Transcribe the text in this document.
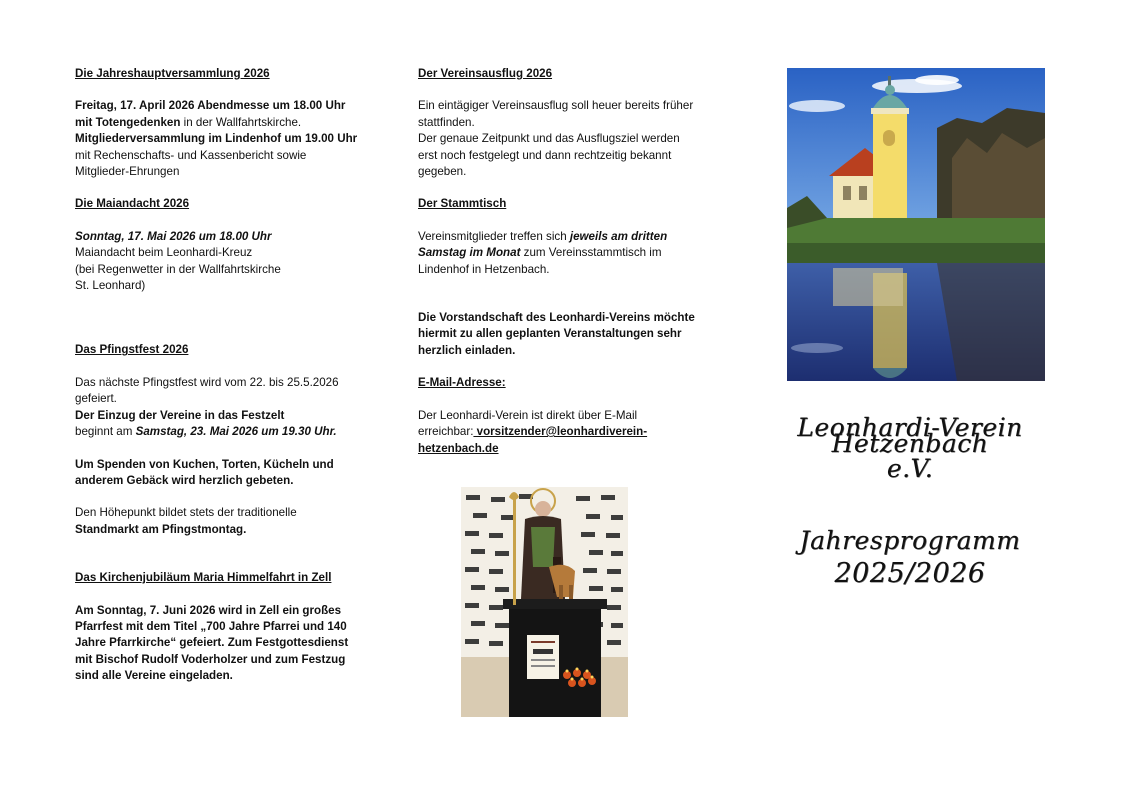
Die Jahreshauptversammlung 2026
Freitag, 17. April 2026 Abendmesse um 18.00 Uhr
mit Totengedenken in der Wallfahrtskirche.
Mitgliederversammlung im Lindenhof um 19.00 Uhr
mit Rechenschafts- und Kassenbericht sowie
Mitglieder-Ehrungen
Die Maiandacht 2026
Sonntag, 17. Mai 2026 um 18.00 Uhr
Maiandacht beim Leonhardi-Kreuz
(bei Regenwetter in der Wallfahrtskirche
St. Leonhard)
Das Pfingstfest 2026
Das nächste Pfingstfest wird vom 22. bis 25.5.2026
gefeiert.
Der Einzug der Vereine in das Festzelt
beginnt am Samstag, 23. Mai 2026 um 19.30 Uhr.
Um Spenden von Kuchen, Torten, Kücheln und
anderem Gebäck wird herzlich gebeten.
Den Höhepunkt bildet stets der traditionelle
Standmarkt am Pfingstmontag.
Das Kirchenjubiläum Maria Himmelfahrt in Zell
Am Sonntag, 7. Juni 2026 wird in Zell ein großes
Pfarrfest mit dem Titel „700 Jahre Pfarrei und 140
Jahre Pfarrkirche“ gefeiert. Zum Festgottesdienst
mit Bischof Rudolf Voderholzer und zum Festzug
sind alle Vereine eingeladen.
Der Vereinsausflug 2026
Ein eintägiger Vereinsausflug soll heuer bereits früher
stattfinden.
Der genaue Zeitpunkt und das Ausflugsziel werden
erst noch festgelegt und dann rechtzeitig bekannt
gegeben.
Der Stammtisch
Vereinsmitglieder treffen sich jeweils am dritten
Samstag im Monat zum Vereinsstammtisch im
Lindenhof in Hetzenbach.
Die Vorstandschaft des Leonhardi-Vereins möchte
hiermit zu allen geplanten Veranstaltungen sehr
herzlich einladen.
E-Mail-Adresse:
Der Leonhardi-Verein ist direkt über E-Mail
erreichbar: vorsitzender@leonhardiverein-
hetzenbach.de
Leonhardi-Verein Hetzenbach
e.V.
Jahresprogramm
2025/2026
